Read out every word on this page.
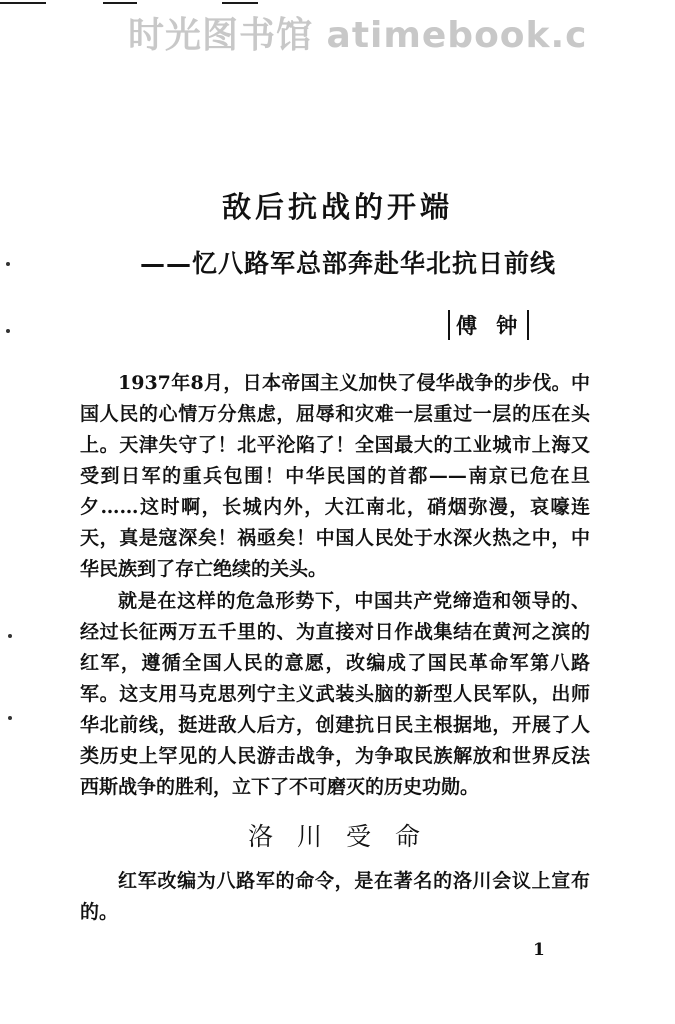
时光图书馆 atimebook.c
敌后抗战的开端
——忆八路军总部奔赴华北抗日前线
傅 钟

1937年8月，日本帝国主义加快了侵华战争的步伐。中国人民的心情万分焦虑，屈辱和灾难一层重过一层的压在头上。天津失守了！北平沦陷了！全国最大的工业城市上海又受到日军的重兵包围！中华民国的首都——南京已危在旦夕……这时啊，长城内外，大江南北，硝烟弥漫，哀嚎连天，真是寇深矣！祸亟矣！中国人民处于水深火热之中，中华民族到了存亡绝续的关头。

就是在这样的危急形势下，中国共产党缔造和领导的、经过长征两万五千里的、为直接对日作战集结在黄河之滨的红军，遵循全国人民的意愿，改编成了国民革命军第八路军。这支用马克思列宁主义武装头脑的新型人民军队，出师华北前线，挺进敌人后方，创建抗日民主根据地，开展了人类历史上罕见的人民游击战争，为争取民族解放和世界反法西斯战争的胜利，立下了不可磨灭的历史功勋。

洛川受命

红军改编为八路军的命令，是在著名的洛川会议上宣布的。

1
